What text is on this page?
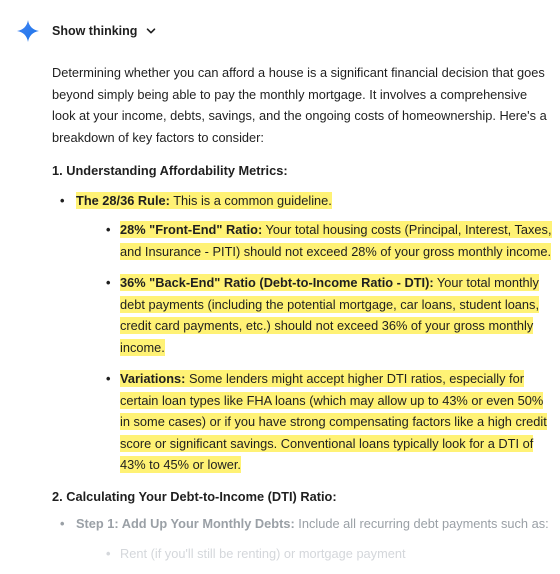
Show thinking

Determining whether you can afford a house is a significant financial decision that goes beyond simply being able to pay the monthly mortgage. It involves a comprehensive look at your income, debts, savings, and the ongoing costs of homeownership. Here's a breakdown of key factors to consider:

1. Understanding Affordability Metrics:
• The 28/36 Rule: This is a common guideline.
• 28% "Front-End" Ratio: Your total housing costs (Principal, Interest, Taxes, and Insurance - PITI) should not exceed 28% of your gross monthly income.
• 36% "Back-End" Ratio (Debt-to-Income Ratio - DTI): Your total monthly debt payments (including the potential mortgage, car loans, student loans, credit card payments, etc.) should not exceed 36% of your gross monthly income.
• Variations: Some lenders might accept higher DTI ratios, especially for certain loan types like FHA loans (which may allow up to 43% or even 50% in some cases) or if you have strong compensating factors like a high credit score or significant savings. Conventional loans typically look for a DTI of 43% to 45% or lower.
2. Calculating Your Debt-to-Income (DTI) Ratio:
• Step 1: Add Up Your Monthly Debts: Include all recurring debt payments such as:
• Rent (if you'll still be renting) or mortgage payment
